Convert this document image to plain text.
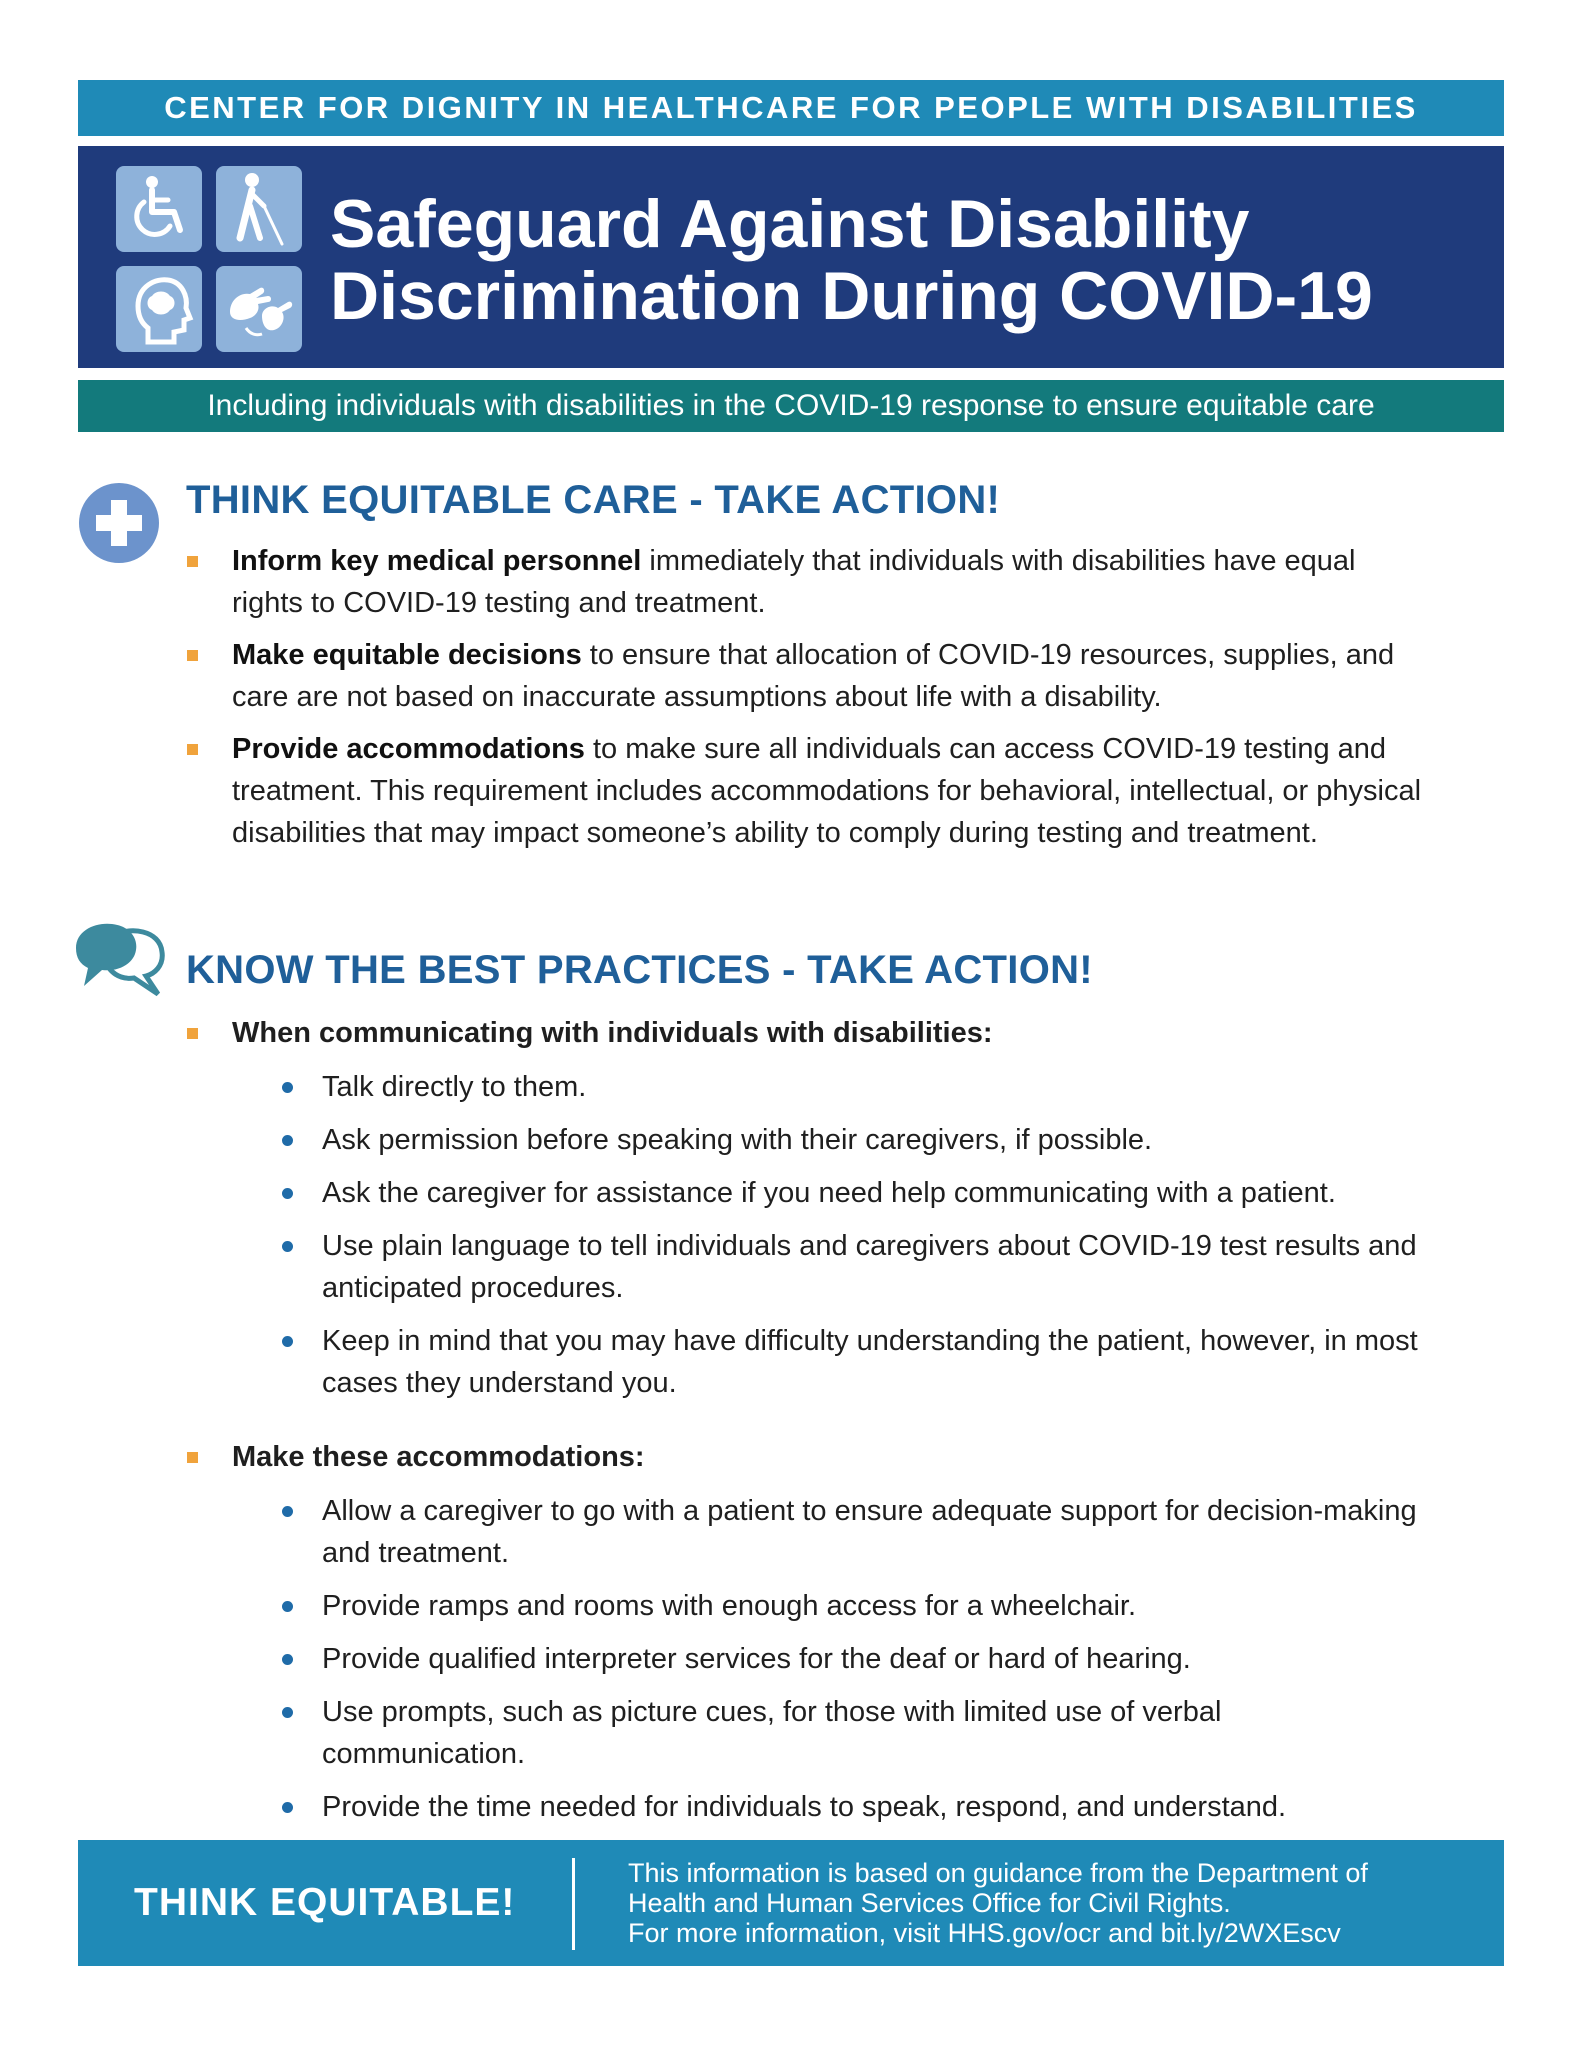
CENTER FOR DIGNITY IN HEALTHCARE FOR PEOPLE WITH DISABILITIES
Safeguard Against Disability
Discrimination During COVID-19
Including individuals with disabilities in the COVID-19 response to ensure equitable care
THINK EQUITABLE CARE - TAKE ACTION!
Inform key medical personnel immediately that individuals with disabilities have equal rights to COVID-19 testing and treatment.
Make equitable decisions to ensure that allocation of COVID-19 resources, supplies, and care are not based on inaccurate assumptions about life with a disability.
Provide accommodations to make sure all individuals can access COVID-19 testing and treatment. This requirement includes accommodations for behavioral, intellectual, or physical disabilities that may impact someone’s ability to comply during testing and treatment.
KNOW THE BEST PRACTICES - TAKE ACTION!
When communicating with individuals with disabilities:
Talk directly to them.
Ask permission before speaking with their caregivers, if possible.
Ask the caregiver for assistance if you need help communicating with a patient.
Use plain language to tell individuals and caregivers about COVID-19 test results and anticipated procedures.
Keep in mind that you may have difficulty understanding the patient, however, in most cases they understand you.
Make these accommodations:
Allow a caregiver to go with a patient to ensure adequate support for decision-making and treatment.
Provide ramps and rooms with enough access for a wheelchair.
Provide qualified interpreter services for the deaf or hard of hearing.
Use prompts, such as picture cues, for those with limited use of verbal communication.
Provide the time needed for individuals to speak, respond, and understand.
THINK EQUITABLE!
This information is based on guidance from the Department of
Health and Human Services Office for Civil Rights.
For more information, visit HHS.gov/ocr and bit.ly/2WXEscv
